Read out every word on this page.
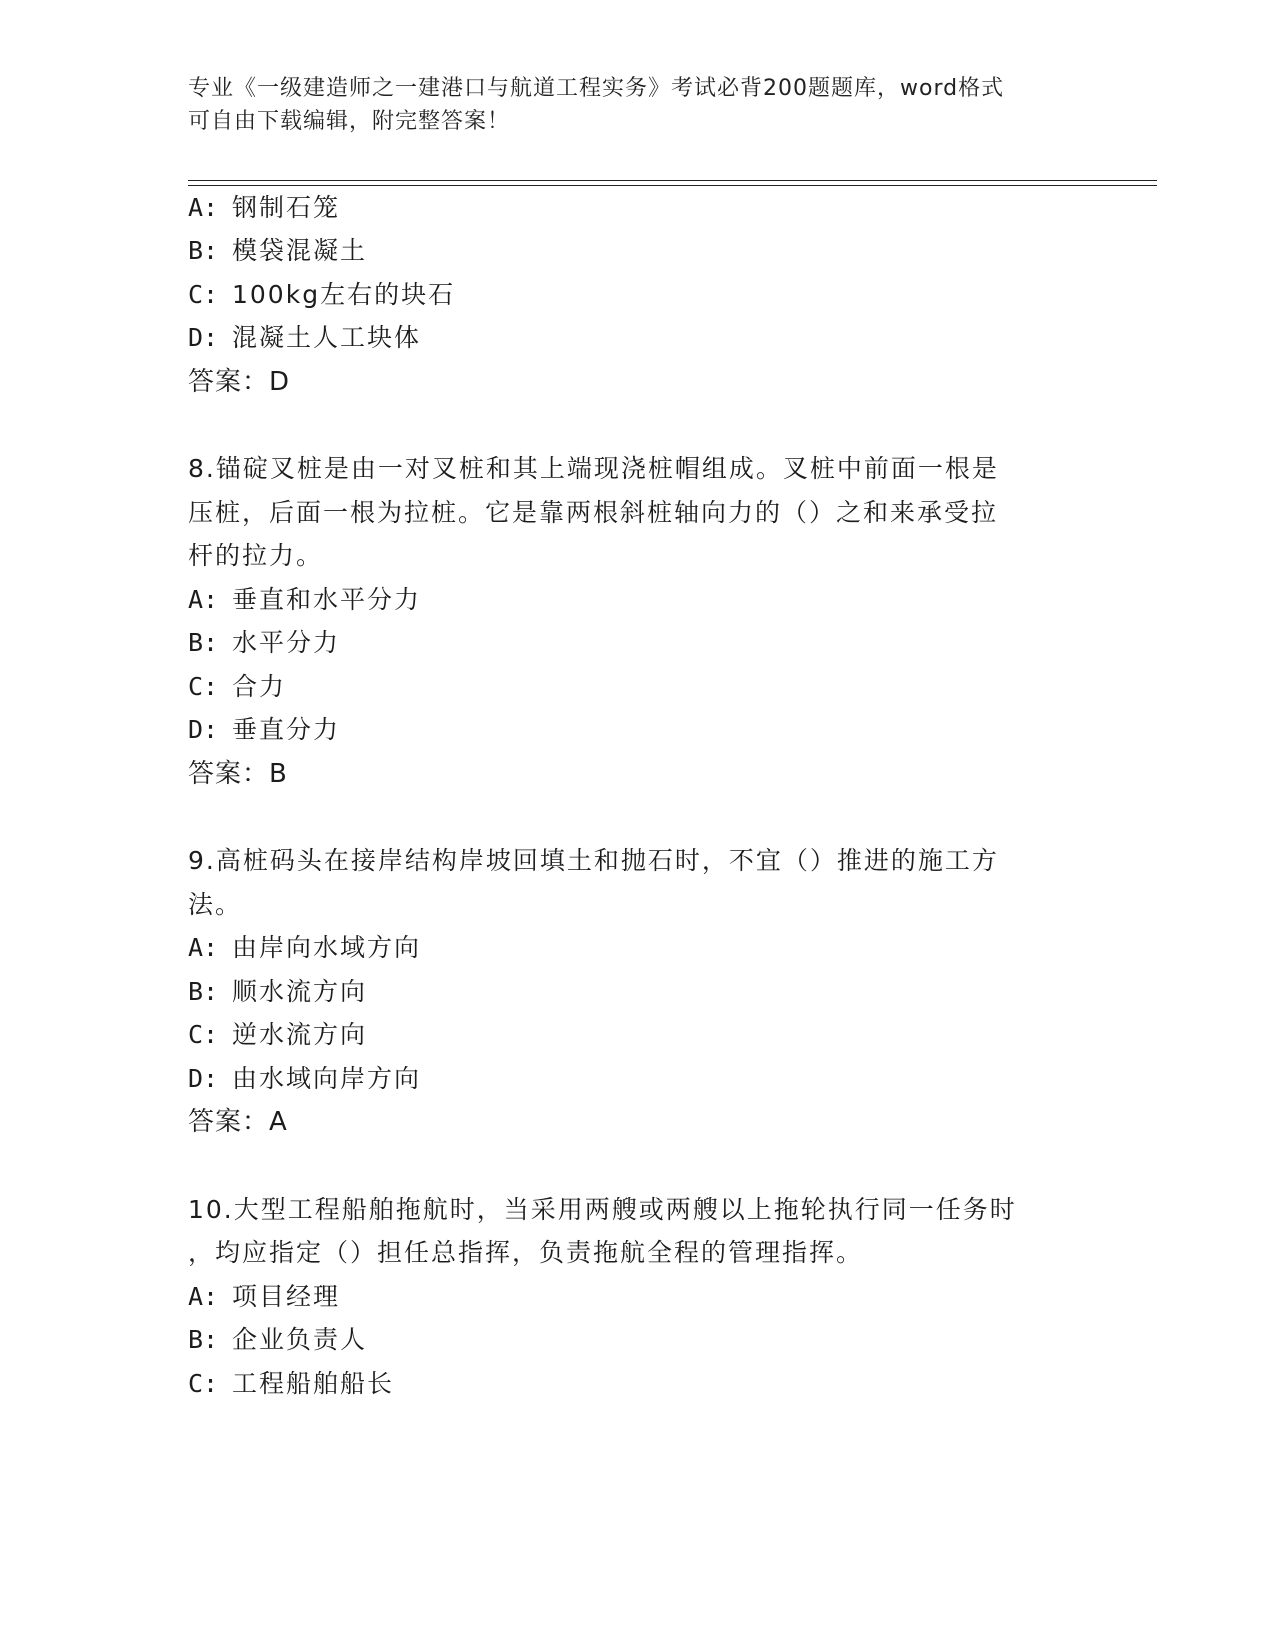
专业《一级建造师之一建港口与航道工程实务》考试必背200题题库，word格式
可自由下载编辑，附完整答案！
A: 钢制石笼
B: 模袋混凝土
C: 100kg左右的块石
D: 混凝土人工块体
答案：D
8.锚碇叉桩是由一对叉桩和其上端现浇桩帽组成。叉桩中前面一根是
压桩，后面一根为拉桩。它是靠两根斜桩轴向力的（）之和来承受拉
杆的拉力。
A: 垂直和水平分力
B: 水平分力
C: 合力
D: 垂直分力
答案：B
9.高桩码头在接岸结构岸坡回填土和抛石时，不宜（）推进的施工方
法。
A: 由岸向水域方向
B: 顺水流方向
C: 逆水流方向
D: 由水域向岸方向
答案：A
10.大型工程船舶拖航时，当采用两艘或两艘以上拖轮执行同一任务时
，均应指定（）担任总指挥，负责拖航全程的管理指挥。
A: 项目经理
B: 企业负责人
C: 工程船舶船长
